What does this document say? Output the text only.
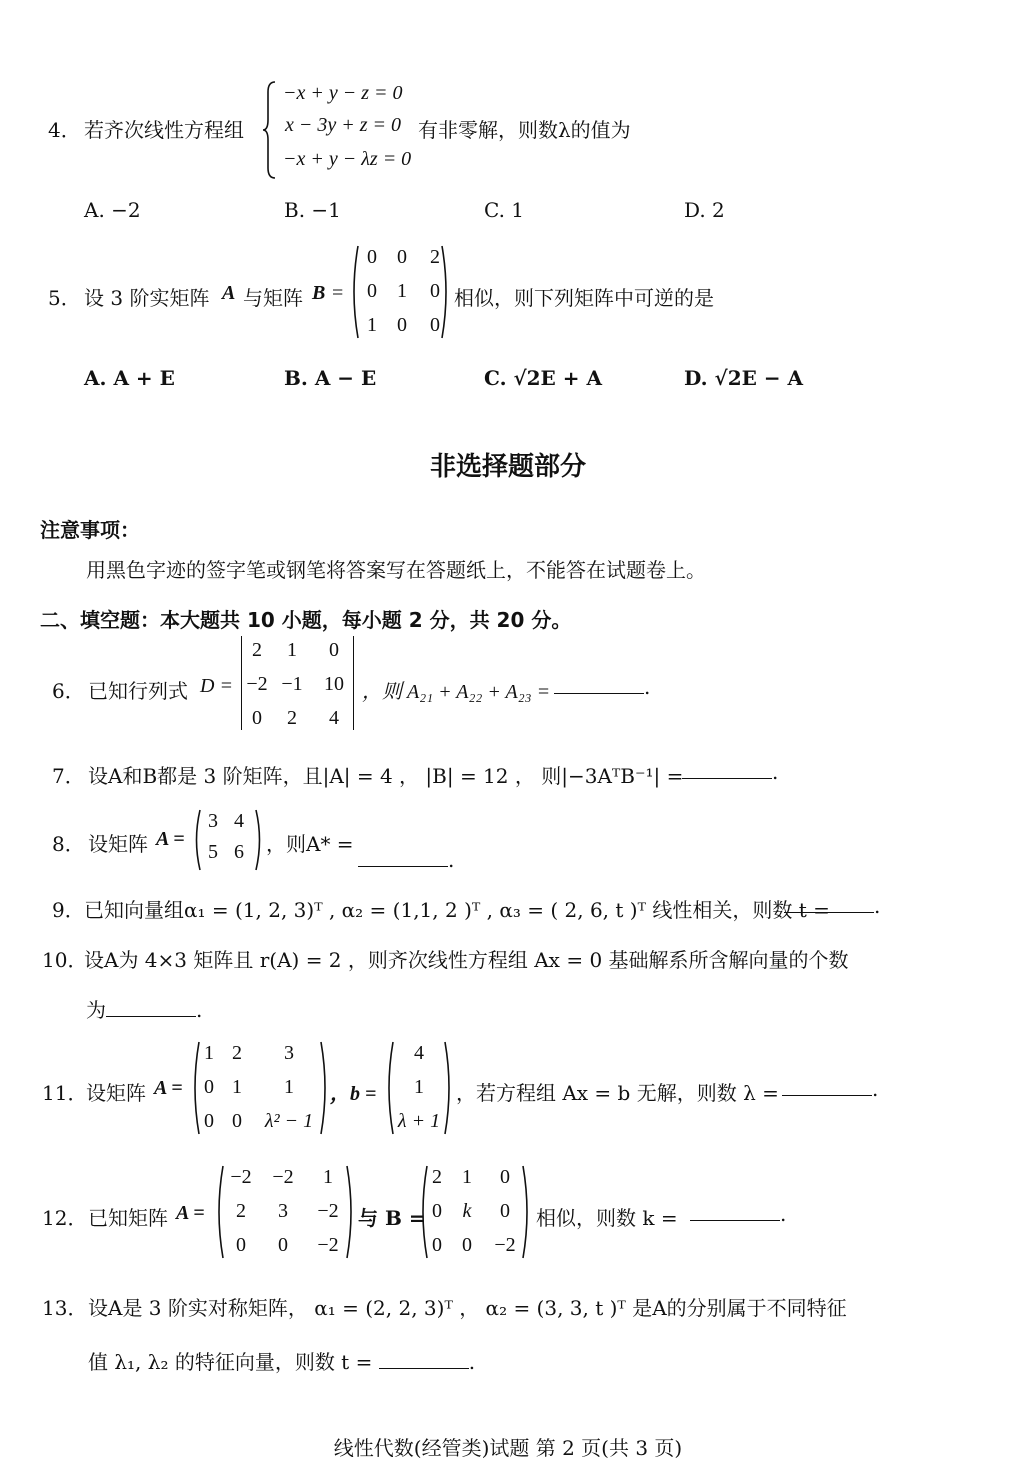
4． 若齐次线性方程组
−x + y − z = 0
x − 3y + z = 0
−x + y − λz = 0
有非零解，则数λ的值为
A. −2	B. −1	C. 1	D. 2
5． 设 3 阶实矩阵 A 与矩阵 B =
0	0	2
0	1	0
1	0	0
相似，则下列矩阵中可逆的是
A. A + E	B. A − E	C. √2E + A	D. √2E − A
非选择题部分
注意事项：
用黑色字迹的签字笔或钢笔将答案写在答题纸上，不能答在试题卷上。
二、填空题：本大题共 10 小题，每小题 2 分，共 20 分。
6． 已知行列式 D =
2	1	0
−2 −1	10
0	2	4
，则 A₂₁ + A₂₂ + A₂₃ =	.
7． 设A和B都是 3 阶矩阵，且|A| = 4 ， |B| = 12 ， 则|−3AᵀB⁻¹| =	.
8． 设矩阵 A =
3 4
5 6	，则A* =
.
9． 已知向量组α₁ = (1, 2, 3)ᵀ , α₂ = (1,1, 2 )ᵀ , α₃ = ( 2, 6, t )ᵀ 线性相关，则数 t =	.
10．
设A为 4×3 矩阵且 r(A) = 2 ，则齐次线性方程组 Ax = 0 基础解系所含解向量的个数
为	.
11．
设矩阵 A =
1 2	3
0 1	1
0 0	λ² − 1
，b =
4
1
λ + 1
，若方程组 Ax = b 无解，则数 λ =	.
12． 已知矩阵 A =
−2	−2	1
2	3	−2
0	0	−2
与 B =
2	1	0
0	k	0
0	0	−2
相似，则数 k =	.
13． 设A是 3 阶实对称矩阵， α₁ = (2, 2, 3)ᵀ ， α₂ = (3, 3, t )ᵀ 是A的分别属于不同特征
值 λ₁, λ₂ 的特征向量，则数 t =	.
线性代数(经管类)试题 第 2 页(共 3 页)
